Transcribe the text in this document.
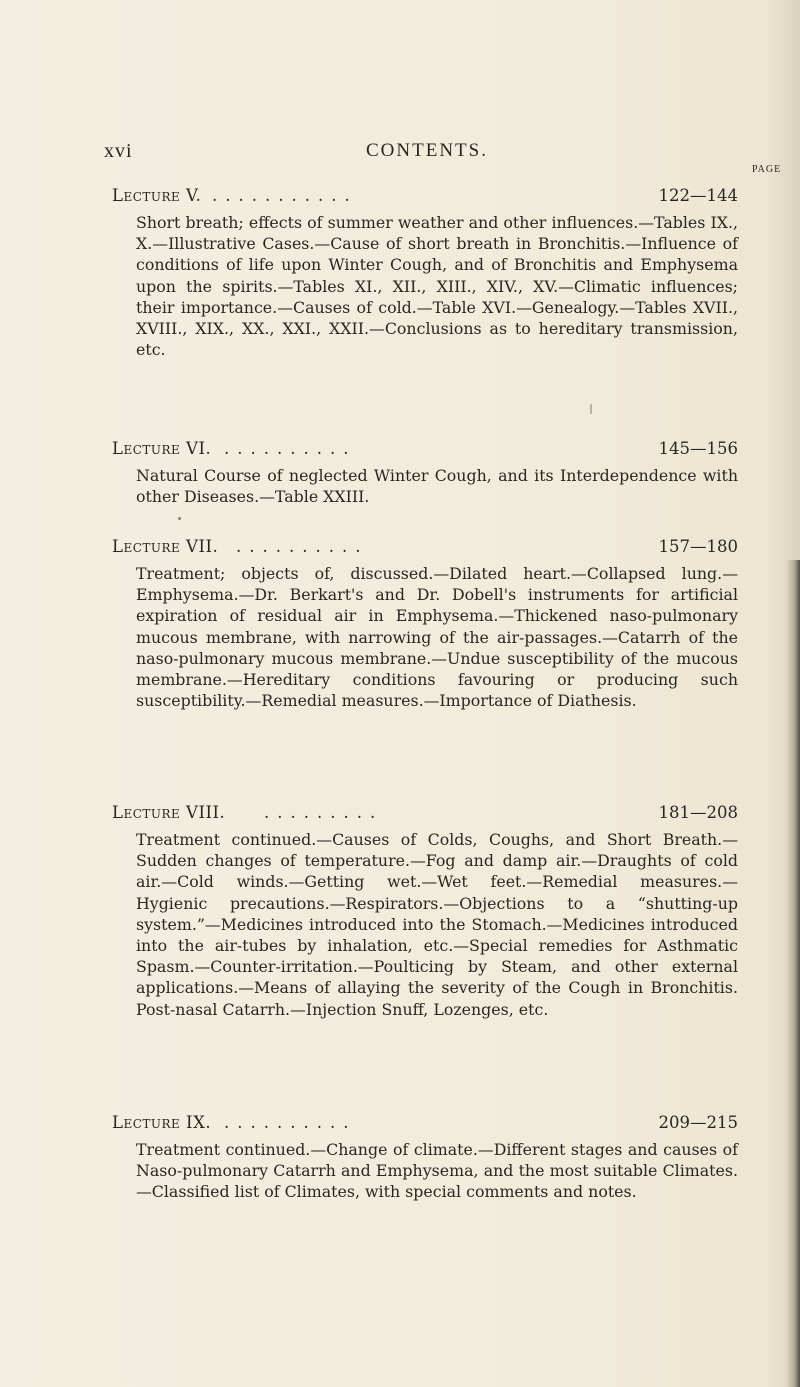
xvi	CONTENTS.
PAGE
Lecture V. ...........	122—144
Short breath; effects of summer weather and other influences.—Tables IX., X.—Illustrative Cases.—Cause of short breath in Bronchitis.—Influence of conditions of life upon Winter Cough, and of Bronchitis and Emphysema upon the spirits.—Tables XI., XII., XIII., XIV., XV.—Climatic influences; their importance.—Causes of cold.—Table XVI.—Genealogy.—Tables XVII., XVIII., XIX., XX., XXI., XXII.—Conclusions as to hereditary transmission, etc.
Lecture VI. ..........	145—156
Natural Course of neglected Winter Cough, and its Interdependence with other Diseases.—Table XXIII.
Lecture VII. ..........	157—180
Treatment; objects of, discussed.—Dilated heart.—Collapsed lung.—Emphysema.—Dr. Berkart's and Dr. Dobell's instruments for artificial expiration of residual air in Emphysema.—Thickened naso-pulmonary mucous membrane, with narrowing of the air-passages.—Catarrh of the naso-pulmonary mucous membrane.—Undue susceptibility of the mucous membrane.—Hereditary conditions favouring or producing such susceptibility.—Remedial measures.—Importance of Diathesis.
Lecture VIII. .........	181—208
Treatment continued.—Causes of Colds, Coughs, and Short Breath.—Sudden changes of temperature.—Fog and damp air.—Draughts of cold air.—Cold winds.—Getting wet.—Wet feet.—Remedial measures.—Hygienic precautions.—Respirators.—Objections to a “shutting-up system.”—Medicines introduced into the Stomach.—Medicines introduced into the air-tubes by inhalation, etc.—Special remedies for Asthmatic Spasm.—Counter-irritation.—Poulticing by Steam, and other external applications.—Means of allaying the severity of the Cough in Bronchitis. Post-nasal Catarrh.—Injection Snuff, Lozenges, etc.
Lecture IX. ..........	209—215
Treatment continued.—Change of climate.—Different stages and causes of Naso-pulmonary Catarrh and Emphysema, and the most suitable Climates.—Classified list of Climates, with special comments and notes.
